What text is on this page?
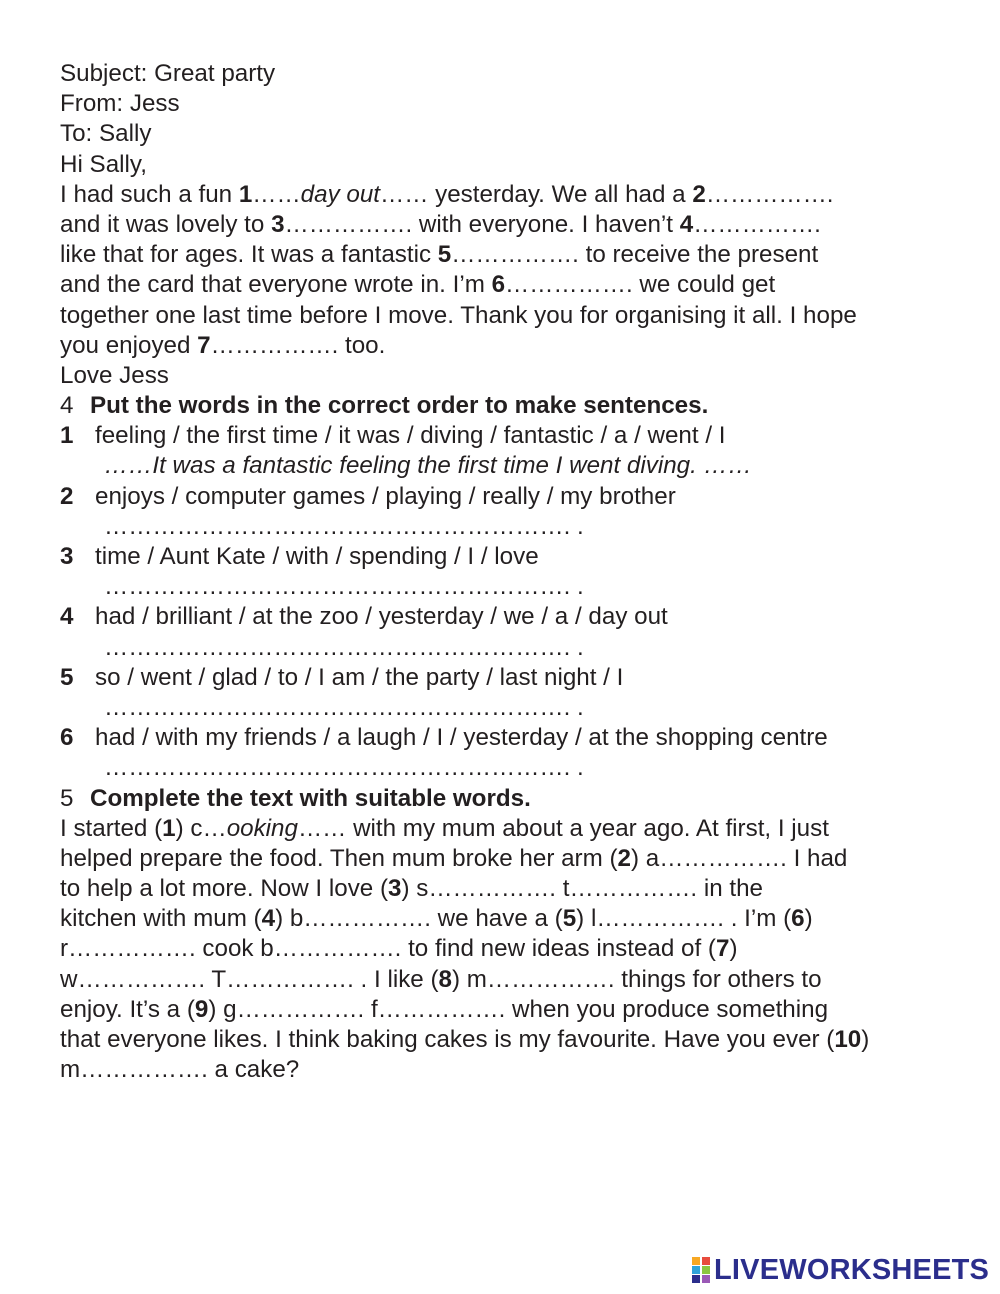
Subject: Great party
From: Jess
To: Sally
Hi Sally,
I had such a fun 1……day out…… yesterday. We all had a 2…………….
and it was lovely to 3……………. with everyone. I haven’t 4…………….
like that for ages. It was a fantastic 5……………. to receive the present
and the card that everyone wrote in. I’m 6……………. we could get
together one last time before I move. Thank you for organising it all. I hope
you enjoyed 7……………. too.
Love Jess
4 Put the words in the correct order to make sentences.
1 feeling / the first time / it was / diving / fantastic / a / went / I
……It was a fantastic feeling the first time I went diving. ……
2 enjoys / computer games / playing / really / my brother
…………………………………………………. .
3 time / Aunt Kate / with / spending / I / love
…………………………………………………. .
4 had / brilliant / at the zoo / yesterday / we / a / day out
…………………………………………………. .
5 so / went / glad / to / I am / the party / last night / I
…………………………………………………. .
6 had / with my friends / a laugh / I / yesterday / at the shopping centre
…………………………………………………. .
5 Complete the text with suitable words.
I started (1) c…ooking…… with my mum about a year ago. At first, I just
helped prepare the food. Then mum broke her arm (2) a……………. I had
to help a lot more. Now I love (3) s……………. t……………. in the
kitchen with mum (4) b……………. we have a (5) l……………. . I’m (6)
r……………. cook b……………. to find new ideas instead of (7)
w……………. T……………. . I like (8) m……………. things for others to
enjoy. It’s a (9) g……………. f……………. when you produce something
that everyone likes. I think baking cakes is my favourite. Have you ever (10)
m……………. a cake?
LIVEWORKSHEETS
